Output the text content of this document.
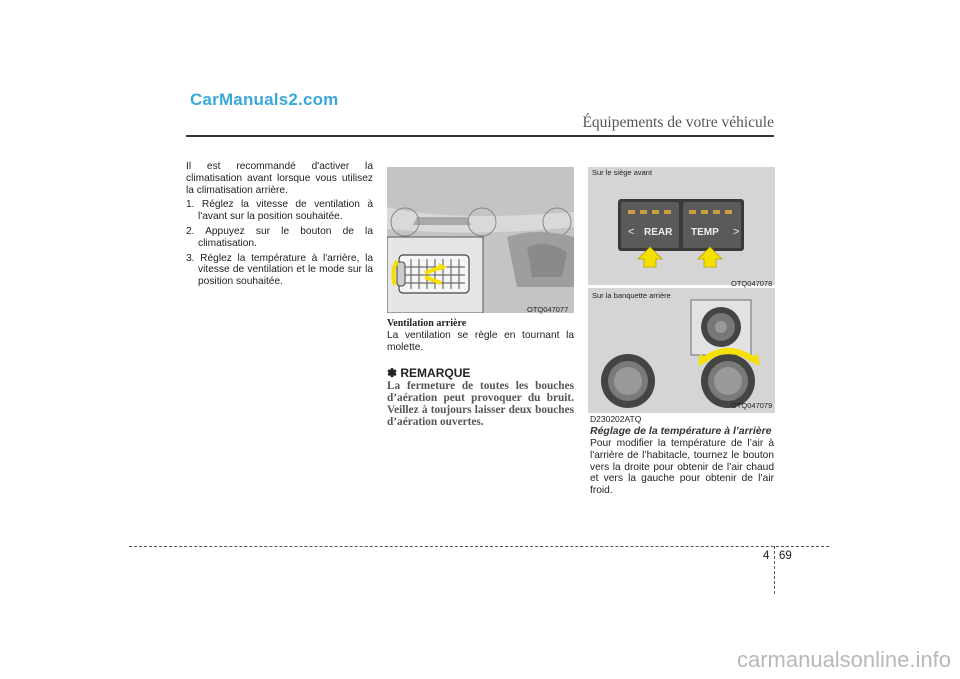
CarManuals2.com
Équipements de votre véhicule

Il est recommandé d'activer la climatisation avant lorsque vous utilisez la climatisation arrière.

1. Réglez la vitesse de ventilation à l'avant sur la position souhaitée.

2. Appuyez sur le bouton de la climatisation.

3. Réglez la température à l'arrière, la vitesse de ventilation et le mode sur la position souhaitée.

OTQ047077
Ventilation arrière
La ventilation se règle en tournant la molette.
✽ REMARQUE
La fermeture de toutes les bouches d’aération peut provoquer du bruit. Veillez à toujours laisser deux bouches d’aération ouvertes.
<	>
REAR TEMP
Sur le siège avant
OTQ047078
Sur la banquette arrière
OTQ047079
D230202ATQ
Réglage de la température à l’arrière
Pour modifier la température de l’air à l'arrière de l’habitacle, tournez le bouton vers la droite pour obtenir de l’air chaud et vers la gauche pour obtenir de l’air froid.
4 69
carmanualsonline.info
